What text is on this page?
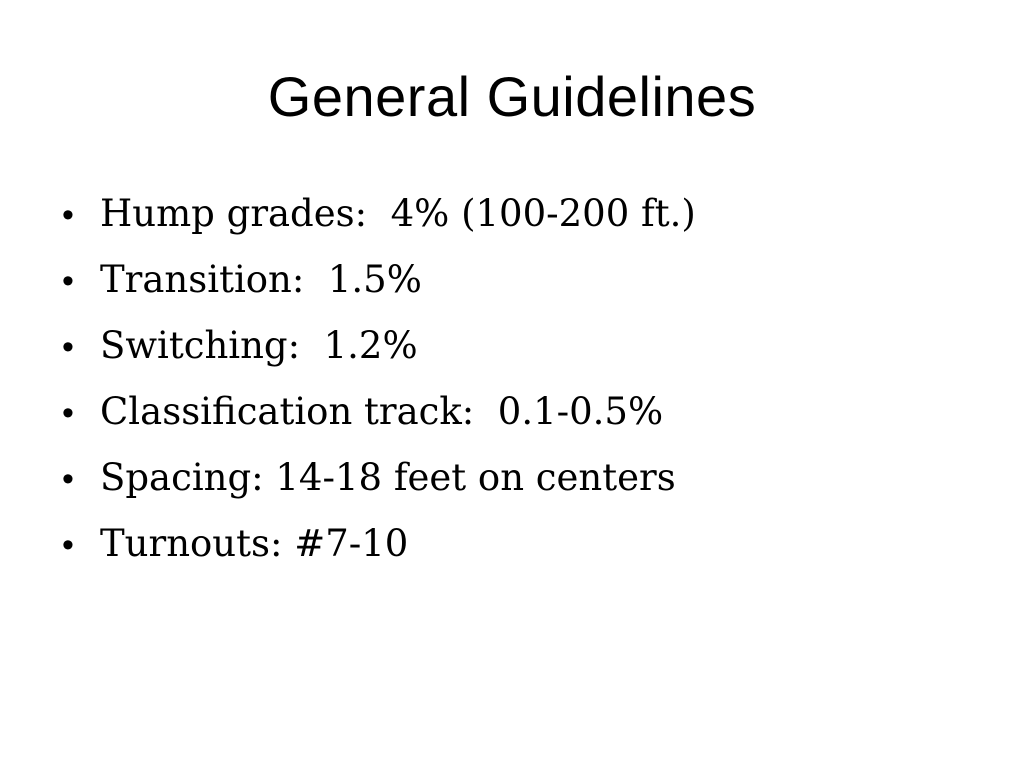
General Guidelines
• Hump grades:  4% (100-200 ft.)
• Transition:  1.5%
• Switching:  1.2%
• Classification track:  0.1-0.5%
• Spacing: 14-18 feet on centers
• Turnouts: #7-10
